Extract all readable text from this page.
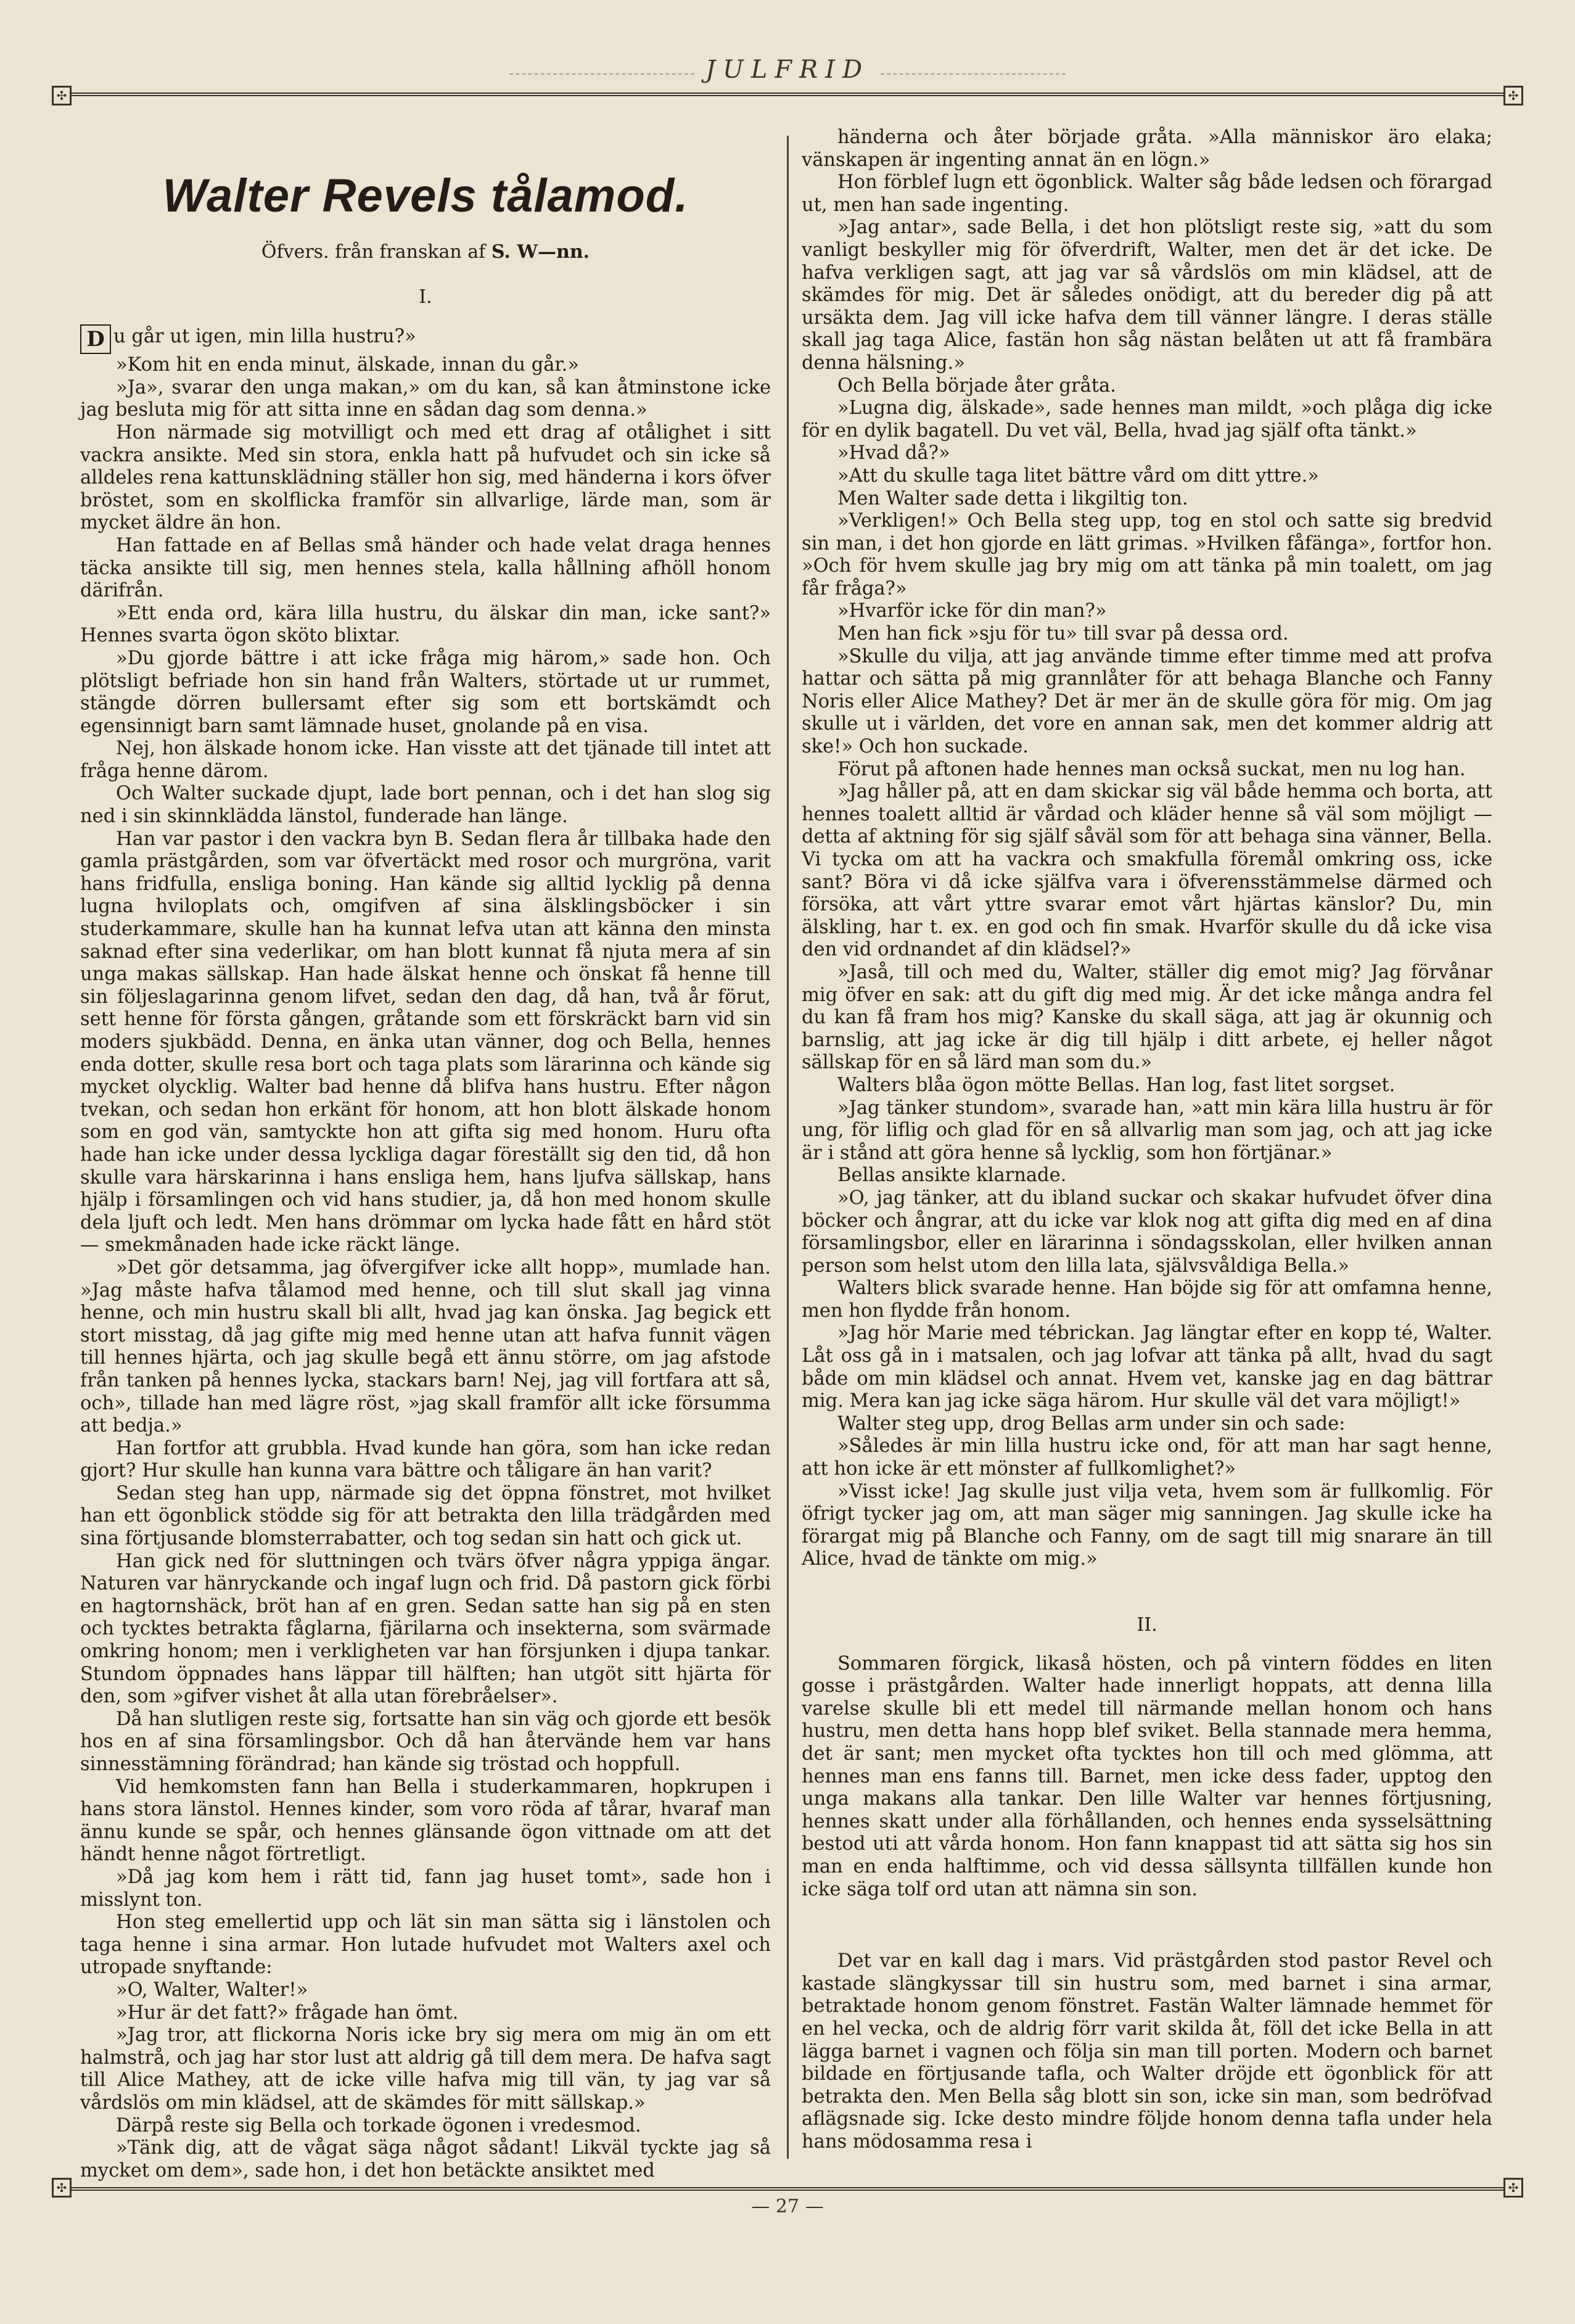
JULFRID
✣	✣
✣	✣
Walter Revels tålamod.
Öfvers. från franskan af S. W—nn.
I.

D u går ut igen, min lilla hustru?»

»Kom hit en enda minut, älskade, innan du går.»

»Ja», svarar den unga makan,» om du kan, så kan åtminstone icke jag besluta mig för att sitta inne en sådan dag som denna.»

Hon närmade sig motvilligt och med ett drag af otålighet i sitt vackra ansikte. Med sin stora, enkla hatt på hufvudet och sin icke så alldeles rena kattunsklädning ställer hon sig, med händerna i kors öfver bröstet, som en skolflicka framför sin allvarlige, lärde man, som är mycket äldre än hon.

Han fattade en af Bellas små händer och hade velat draga hennes täcka ansikte till sig, men hennes stela, kalla hållning afhöll honom därifrån.

»Ett enda ord, kära lilla hustru, du älskar din man, icke sant?» Hennes svarta ögon sköto blixtar.

»Du gjorde bättre i att icke fråga mig härom,» sade hon. Och plötsligt befriade hon sin hand från Walters, störtade ut ur rummet, stängde dörren bullersamt efter sig som ett bortskämdt och egensinnigt barn samt lämnade huset, gnolande på en visa.

Nej, hon älskade honom icke. Han visste att det tjänade till intet att fråga henne därom.

Och Walter suckade djupt, lade bort pennan, och i det han slog sig ned i sin skinnklädda länstol, funderade han länge.

Han var pastor i den vackra byn B. Sedan flera år tillbaka hade den gamla prästgården, som var öfvertäckt med rosor och murgröna, varit hans fridfulla, ensliga boning. Han kände sig alltid lycklig på denna lugna hviloplats och, omgifven af sina älsklingsböcker i sin studerkammare, skulle han ha kunnat lefva utan att känna den minsta saknad efter sina vederlikar, om han blott kunnat få njuta mera af sin unga makas sällskap. Han hade älskat henne och önskat få henne till sin följeslagarinna genom lifvet, sedan den dag, då han, två år förut, sett henne för första gången, gråtande som ett förskräckt barn vid sin moders sjukbädd. Denna, en änka utan vänner, dog och Bella, hennes enda dotter, skulle resa bort och taga plats som lärarinna och kände sig mycket olycklig. Walter bad henne då blifva hans hustru. Efter någon tvekan, och sedan hon erkänt för honom, att hon blott älskade honom som en god vän, samtyckte hon att gifta sig med honom. Huru ofta hade han icke under dessa lyckliga dagar föreställt sig den tid, då hon skulle vara härskarinna i hans ensliga hem, hans ljufva sällskap, hans hjälp i församlingen och vid hans studier, ja, då hon med honom skulle dela ljuft och ledt. Men hans drömmar om lycka hade fått en hård stöt — smekmånaden hade icke räckt länge.

»Det gör detsamma, jag öfvergifver icke allt hopp», mumlade han. »Jag måste hafva tålamod med henne, och till slut skall jag vinna henne, och min hustru skall bli allt, hvad jag kan önska. Jag begick ett stort misstag, då jag gifte mig med henne utan att hafva funnit vägen till hennes hjärta, och jag skulle begå ett ännu större, om jag afstode från tanken på hennes lycka, stackars barn! Nej, jag vill fortfara att så, och», tillade han med lägre röst, »jag skall framför allt icke försumma att bedja.»

Han fortfor att grubbla. Hvad kunde han göra, som han icke redan gjort? Hur skulle han kunna vara bättre och tåligare än han varit?

Sedan steg han upp, närmade sig det öppna fönstret, mot hvilket han ett ögonblick stödde sig för att betrakta den lilla trädgården med sina förtjusande blomsterrabatter, och tog sedan sin hatt och gick ut.

Han gick ned för sluttningen och tvärs öfver några yppiga ängar. Naturen var hänryckande och ingaf lugn och frid. Då pastorn gick förbi en hagtornshäck, bröt han af en gren. Sedan satte han sig på en sten och tycktes betrakta fåglarna, fjärilarna och insekterna, som svärmade omkring honom; men i verkligheten var han försjunken i djupa tankar. Stundom öppnades hans läppar till hälften; han utgöt sitt hjärta för den, som »gifver vishet åt alla utan förebråelser».

Då han slutligen reste sig, fortsatte han sin väg och gjorde ett besök hos en af sina församlingsbor. Och då han återvände hem var hans sinnesstämning förändrad; han kände sig tröstad och hoppfull.

Vid hemkomsten fann han Bella i studerkammaren, hopkrupen i hans stora länstol. Hennes kinder, som voro röda af tårar, hvaraf man ännu kunde se spår, och hennes glänsande ögon vittnade om att det händt henne något förtretligt.

»Då jag kom hem i rätt tid, fann jag huset tomt», sade hon i misslynt ton.

Hon steg emellertid upp och lät sin man sätta sig i länstolen och taga henne i sina armar. Hon lutade hufvudet mot Walters axel och utropade snyftande:

»O, Walter, Walter!»

»Hur är det fatt?» frågade han ömt.

»Jag tror, att flickorna Noris icke bry sig mera om mig än om ett halmstrå, och jag har stor lust att aldrig gå till dem mera. De hafva sagt till Alice Mathey, att de icke ville hafva mig till vän, ty jag var så vårdslös om min klädsel, att de skämdes för mitt sällskap.»

Därpå reste sig Bella och torkade ögonen i vredesmod.

»Tänk dig, att de vågat säga något sådant! Likväl tyckte jag så mycket om dem», sade hon, i det hon betäckte ansiktet med

händerna och åter började gråta. »Alla människor äro elaka; vänskapen är ingenting annat än en lögn.»

Hon förblef lugn ett ögonblick. Walter såg både ledsen och förargad ut, men han sade ingenting.

»Jag antar», sade Bella, i det hon plötsligt reste sig, »att du som vanligt beskyller mig för öfverdrift, Walter, men det är det icke. De hafva verkligen sagt, att jag var så vårdslös om min klädsel, att de skämdes för mig. Det är således onödigt, att du bereder dig på att ursäkta dem. Jag vill icke hafva dem till vänner längre. I deras ställe skall jag taga Alice, fastän hon såg nästan belåten ut att få frambära denna hälsning.»

Och Bella började åter gråta.

»Lugna dig, älskade», sade hennes man mildt, »och plåga dig icke för en dylik bagatell. Du vet väl, Bella, hvad jag själf ofta tänkt.»

»Hvad då?»

»Att du skulle taga litet bättre vård om ditt yttre.»

Men Walter sade detta i likgiltig ton.

»Verkligen!» Och Bella steg upp, tog en stol och satte sig bredvid sin man, i det hon gjorde en lätt grimas. »Hvilken fåfänga», fortfor hon. »Och för hvem skulle jag bry mig om att tänka på min toalett, om jag får fråga?»

»Hvarför icke för din man?»

Men han fick »sju för tu» till svar på dessa ord.

»Skulle du vilja, att jag använde timme efter timme med att profva hattar och sätta på mig grannlåter för att behaga Blanche och Fanny Noris eller Alice Mathey? Det är mer än de skulle göra för mig. Om jag skulle ut i världen, det vore en annan sak, men det kommer aldrig att ske!» Och hon suckade.

Förut på aftonen hade hennes man också suckat, men nu log han.

»Jag håller på, att en dam skickar sig väl både hemma och borta, att hennes toalett alltid är vårdad och kläder henne så väl som möjligt — detta af aktning för sig själf såväl som för att behaga sina vänner, Bella. Vi tycka om att ha vackra och smakfulla föremål omkring oss, icke sant? Böra vi då icke själfva vara i öfverensstämmelse därmed och försöka, att vårt yttre svarar emot vårt hjärtas känslor? Du, min älskling, har t. ex. en god och fin smak. Hvarför skulle du då icke visa den vid ordnandet af din klädsel?»

»Jaså, till och med du, Walter, ställer dig emot mig? Jag förvånar mig öfver en sak: att du gift dig med mig. Är det icke många andra fel du kan få fram hos mig? Kanske du skall säga, att jag är okunnig och barnslig, att jag icke är dig till hjälp i ditt arbete, ej heller något sällskap för en så lärd man som du.»

Walters blåa ögon mötte Bellas. Han log, fast litet sorgset.

»Jag tänker stundom», svarade han, »att min kära lilla hustru är för ung, för liflig och glad för en så allvarlig man som jag, och att jag icke är i stånd att göra henne så lycklig, som hon förtjänar.»

Bellas ansikte klarnade.

»O, jag tänker, att du ibland suckar och skakar hufvudet öfver dina böcker och ångrar, att du icke var klok nog att gifta dig med en af dina församlingsbor, eller en lärarinna i söndagsskolan, eller hvilken annan person som helst utom den lilla lata, självsvåldiga Bella.»

Walters blick svarade henne. Han böjde sig för att omfamna henne, men hon flydde från honom.

»Jag hör Marie med tébrickan. Jag längtar efter en kopp té, Walter. Låt oss gå in i matsalen, och jag lofvar att tänka på allt, hvad du sagt både om min klädsel och annat. Hvem vet, kanske jag en dag bättrar mig. Mera kan jag icke säga härom. Hur skulle väl det vara möjligt!»

Walter steg upp, drog Bellas arm under sin och sade:

»Således är min lilla hustru icke ond, för att man har sagt henne, att hon icke är ett mönster af fullkomlighet?»

»Visst icke! Jag skulle just vilja veta, hvem som är fullkomlig. För öfrigt tycker jag om, att man säger mig sanningen. Jag skulle icke ha förargat mig på Blanche och Fanny, om de sagt till mig snarare än till Alice, hvad de tänkte om mig.»

II.

Sommaren förgick, likaså hösten, och på vintern föddes en liten gosse i prästgården. Walter hade innerligt hoppats, att denna lilla varelse skulle bli ett medel till närmande mellan honom och hans hustru, men detta hans hopp blef sviket. Bella stannade mera hemma, det är sant; men mycket ofta tycktes hon till och med glömma, att hennes man ens fanns till. Barnet, men icke dess fader, upptog den unga makans alla tankar. Den lille Walter var hennes förtjusning, hennes skatt under alla förhållanden, och hennes enda sysselsättning bestod uti att vårda honom. Hon fann knappast tid att sätta sig hos sin man en enda halftimme, och vid dessa sällsynta tillfällen kunde hon icke säga tolf ord utan att nämna sin son.

Det var en kall dag i mars. Vid prästgården stod pastor Revel och kastade slängkyssar till sin hustru som, med barnet i sina armar, betraktade honom genom fönstret. Fastän Walter lämnade hemmet för en hel vecka, och de aldrig förr varit skilda åt, föll det icke Bella in att lägga barnet i vagnen och följa sin man till porten. Modern och barnet bildade en förtjusande tafla, och Walter dröjde ett ögonblick för att betrakta den. Men Bella såg blott sin son, icke sin man, som bedröfvad aflägsnade sig. Icke desto mindre följde honom denna tafla under hela hans mödosamma resa i

— 27 —
